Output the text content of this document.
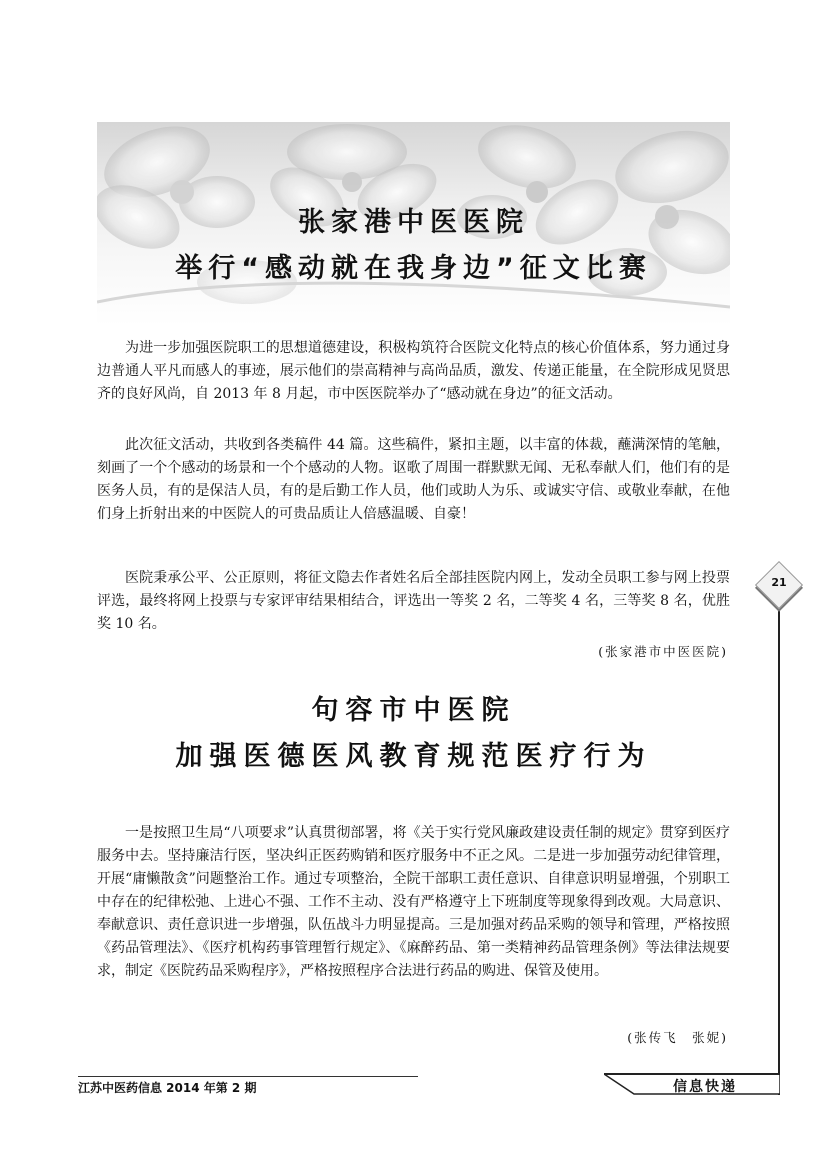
张家港中医医院
举行“感动就在我身边”征文比赛

为进一步加强医院职工的思想道德建设，积极构筑符合医院文化特点的核心价值体系，努力通过身边普通人平凡而感人的事迹，展示他们的崇高精神与高尚品质，激发、传递正能量，在全院形成见贤思齐的良好风尚，自 2013 年 8 月起，市中医医院举办了“感动就在身边”的征文活动。

此次征文活动，共收到各类稿件 44 篇。这些稿件，紧扣主题，以丰富的体裁，蘸满深情的笔触，刻画了一个个感动的场景和一个个感动的人物。讴歌了周围一群默默无闻、无私奉献人们，他们有的是医务人员，有的是保洁人员，有的是后勤工作人员，他们或助人为乐、或诚实守信、或敬业奉献，在他们身上折射出来的中医院人的可贵品质让人倍感温暖、自豪！

医院秉承公平、公正原则，将征文隐去作者姓名后全部挂医院内网上，发动全员职工参与网上投票评选，最终将网上投票与专家评审结果相结合，评选出一等奖 2 名，二等奖 4 名，三等奖 8 名，优胜奖 10 名。

(张家港市中医医院)

句容市中医院
加强医德医风教育规范医疗行为

一是按照卫生局“八项要求”认真贯彻部署，将《关于实行党风廉政建设责任制的规定》贯穿到医疗服务中去。坚持廉洁行医，坚决纠正医药购销和医疗服务中不正之风。二是进一步加强劳动纪律管理，开展“庸懒散贪”问题整治工作。通过专项整治，全院干部职工责任意识、自律意识明显增强，个别职工中存在的纪律松弛、上进心不强、工作不主动、没有严格遵守上下班制度等现象得到改观。大局意识、奉献意识、责任意识进一步增强，队伍战斗力明显提高。三是加强对药品采购的领导和管理，严格按照《药品管理法》、《医疗机构药事管理暂行规定》、《麻醉药品、第一类精神药品管理条例》等法律法规要求，制定《医院药品采购程序》，严格按照程序合法进行药品的购进、保管及使用。

(张传飞　张妮)

21
江苏中医药信息 2014 年第 2 期	信息快递
